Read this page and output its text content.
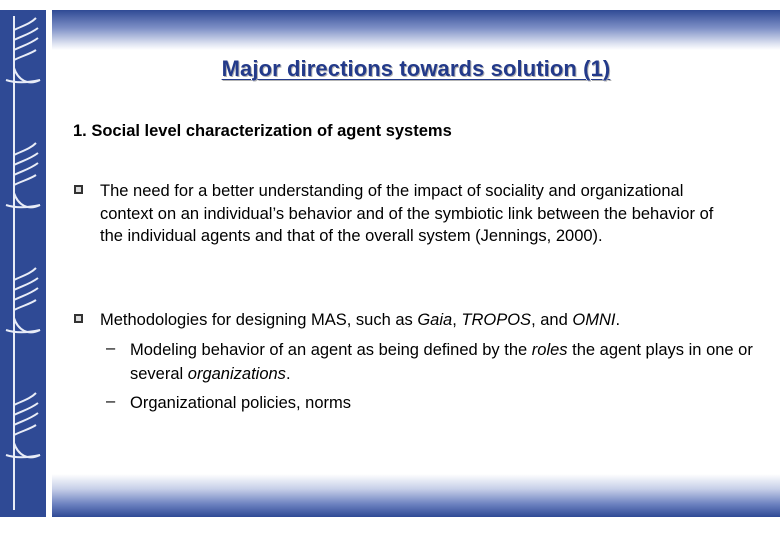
Major directions towards solution (1)

1. Social level characterization of agent systems

The need for a better understanding of the impact of sociality and organizational context on an individual’s behavior and of the symbiotic link between the behavior of the individual agents and that of the overall system (Jennings, 2000).
Methodologies for designing MAS, such as Gaia, TROPOS, and OMNI.
– Modeling behavior of an agent as being defined by the roles the agent plays in one or several organizations.
– Organizational policies, norms
